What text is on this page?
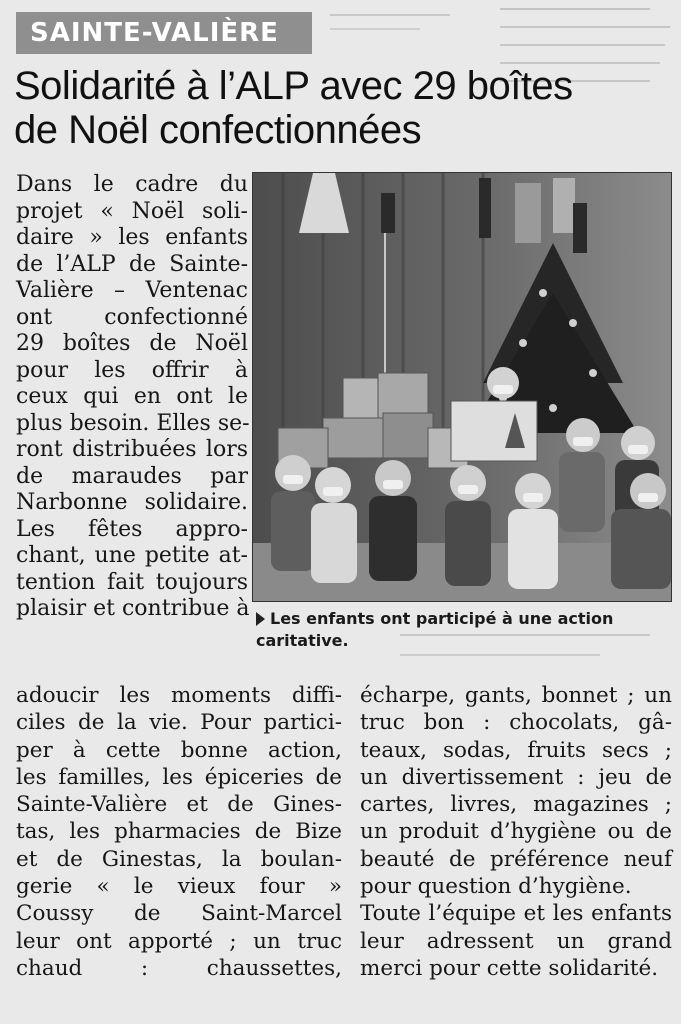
SAINTE-VALIÈRE
Solidarité à l’ALP avec 29 boîtes
de Noël confectionnées
Dans le cadre du
projet « Noël soli-
daire » les enfants
de l’ALP de Sainte-
Valière – Ventenac
ont confectionné
29 boîtes de Noël
pour les offrir à
ceux qui en ont le
plus besoin. Elles se-
ront distribuées lors
de maraudes par
Narbonne solidaire.
Les fêtes appro-
chant, une petite at-
tention fait toujours
plaisir et contribue à
adoucir les moments diffi-
ciles de la vie. Pour partici-
per à cette bonne action,
les familles, les épiceries de
Sainte-Valière et de Gines-
tas, les pharmacies de Bize
et de Ginestas, la boulan-
gerie « le vieux four »
Coussy de Saint-Marcel
leur ont apporté ; un truc
chaud : chaussettes,
Les enfants ont participé à une action caritative.
écharpe, gants, bonnet ; un
truc bon : chocolats, gâ-
teaux, sodas, fruits secs ;
un divertissement : jeu de
cartes, livres, magazines ;
un produit d’hygiène ou de
beauté de préférence neuf
pour question d’hygiène.
Toute l’équipe et les enfants
leur adressent un grand
merci pour cette solidarité.
